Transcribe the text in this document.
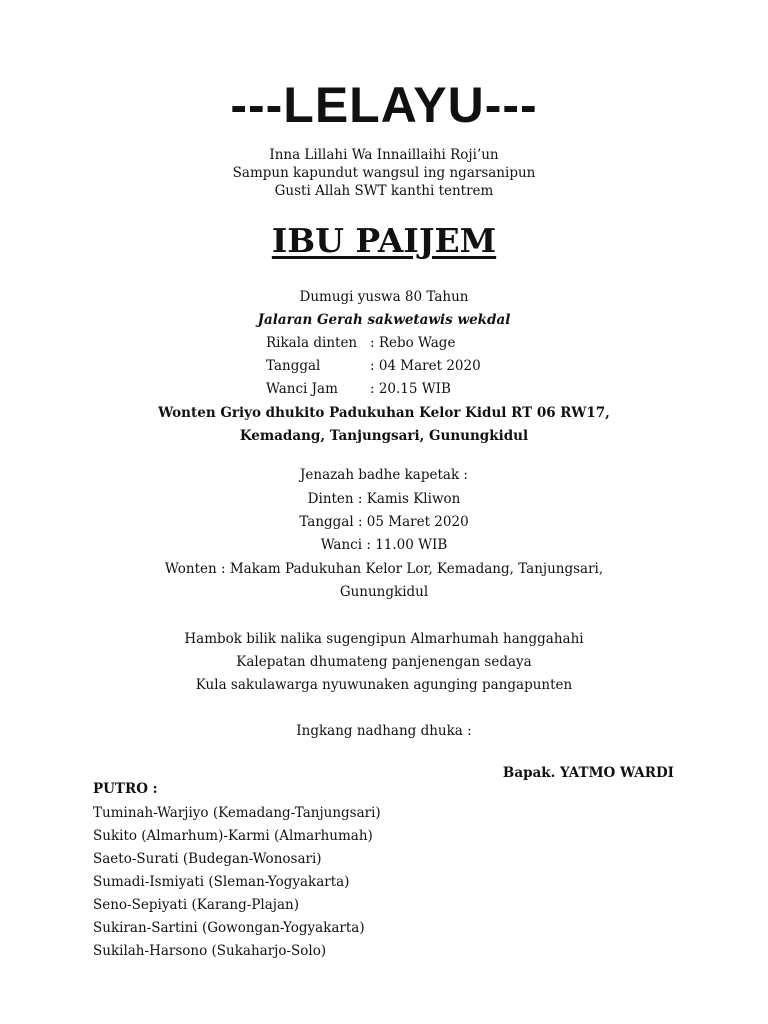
---LELAYU---
Inna Lillahi Wa Innaillaihi Roji’un
Sampun kapundut wangsul ing ngarsanipun
Gusti Allah SWT kanthi tentrem
IBU PAIJEM
Dumugi yuswa 80 Tahun
Jalaran Gerah sakwetawis wekdal
Rikala dinten : Rebo Wage
Tanggal	: 04 Maret 2020
Wanci Jam : 20.15 WIB
Wonten Griyo dhukito Padukuhan Kelor Kidul RT 06 RW17,
Kemadang, Tanjungsari, Gunungkidul
Jenazah badhe kapetak :
Dinten : Kamis Kliwon
Tanggal : 05 Maret 2020
Wanci : 11.00 WIB
Wonten : Makam Padukuhan Kelor Lor, Kemadang, Tanjungsari,
Gunungkidul
Hambok bilik nalika sugengipun Almarhumah hanggahahi
Kalepatan dhumateng panjenengan sedaya
Kula sakulawarga nyuwunaken agunging pangapunten
Ingkang nadhang dhuka :
Bapak. YATMO WARDI
PUTRO :
Tuminah-Warjiyo (Kemadang-Tanjungsari)
Sukito (Almarhum)-Karmi (Almarhumah)
Saeto-Surati (Budegan-Wonosari)
Sumadi-Ismiyati (Sleman-Yogyakarta)
Seno-Sepiyati (Karang-Plajan)
Sukiran-Sartini (Gowongan-Yogyakarta)
Sukilah-Harsono (Sukaharjo-Solo)
